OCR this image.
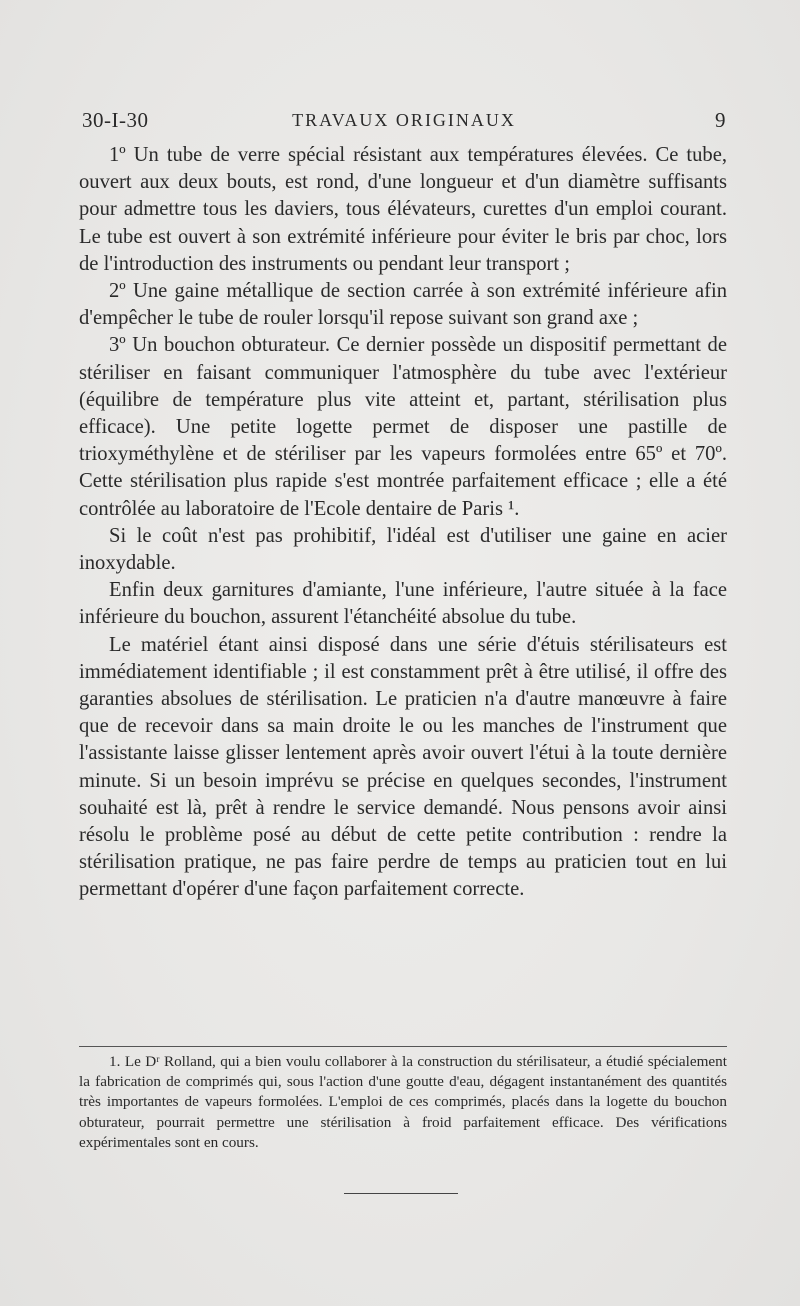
30-I-30	TRAVAUX ORIGINAUX	9

1º Un tube de verre spécial résistant aux températures élevées. Ce tube, ouvert aux deux bouts, est rond, d'une longueur et d'un diamètre suffisants pour admettre tous les daviers, tous élévateurs, curettes d'un emploi courant. Le tube est ouvert à son extrémité inférieure pour éviter le bris par choc, lors de l'introduction des instruments ou pendant leur transport ;

2º Une gaine métallique de section carrée à son extrémité inférieure afin d'empêcher le tube de rouler lorsqu'il repose suivant son grand axe ;

3º Un bouchon obturateur. Ce dernier possède un dispositif permettant de stériliser en faisant communiquer l'atmosphère du tube avec l'extérieur (équilibre de température plus vite atteint et, partant, stérilisation plus efficace). Une petite logette permet de disposer une pastille de trioxyméthylène et de stériliser par les vapeurs formolées entre 65º et 70º. Cette stérilisation plus rapide s'est montrée parfaitement efficace ; elle a été contrôlée au laboratoire de l'Ecole dentaire de Paris ¹.

Si le coût n'est pas prohibitif, l'idéal est d'utiliser une gaine en acier inoxydable.

Enfin deux garnitures d'amiante, l'une inférieure, l'autre située à la face inférieure du bouchon, assurent l'étanchéité absolue du tube.

Le matériel étant ainsi disposé dans une série d'étuis stérilisateurs est immédiatement identifiable ; il est constamment prêt à être utilisé, il offre des garanties absolues de stérilisation. Le praticien n'a d'autre manœuvre à faire que de recevoir dans sa main droite le ou les manches de l'instrument que l'assistante laisse glisser lentement après avoir ouvert l'étui à la toute dernière minute. Si un besoin imprévu se précise en quelques secondes, l'instrument souhaité est là, prêt à rendre le service demandé. Nous pensons avoir ainsi résolu le problème posé au début de cette petite contribution : rendre la stérilisation pratique, ne pas faire perdre de temps au praticien tout en lui permettant d'opérer d'une façon parfaitement correcte.

1. Le Dʳ Rolland, qui a bien voulu collaborer à la construction du stérilisateur, a étudié spécialement la fabrication de comprimés qui, sous l'action d'une goutte d'eau, dégagent instantanément des quantités très importantes de vapeurs formolées. L'emploi de ces comprimés, placés dans la logette du bouchon obturateur, pourrait permettre une stérilisation à froid parfaitement efficace. Des vérifications expérimentales sont en cours.
